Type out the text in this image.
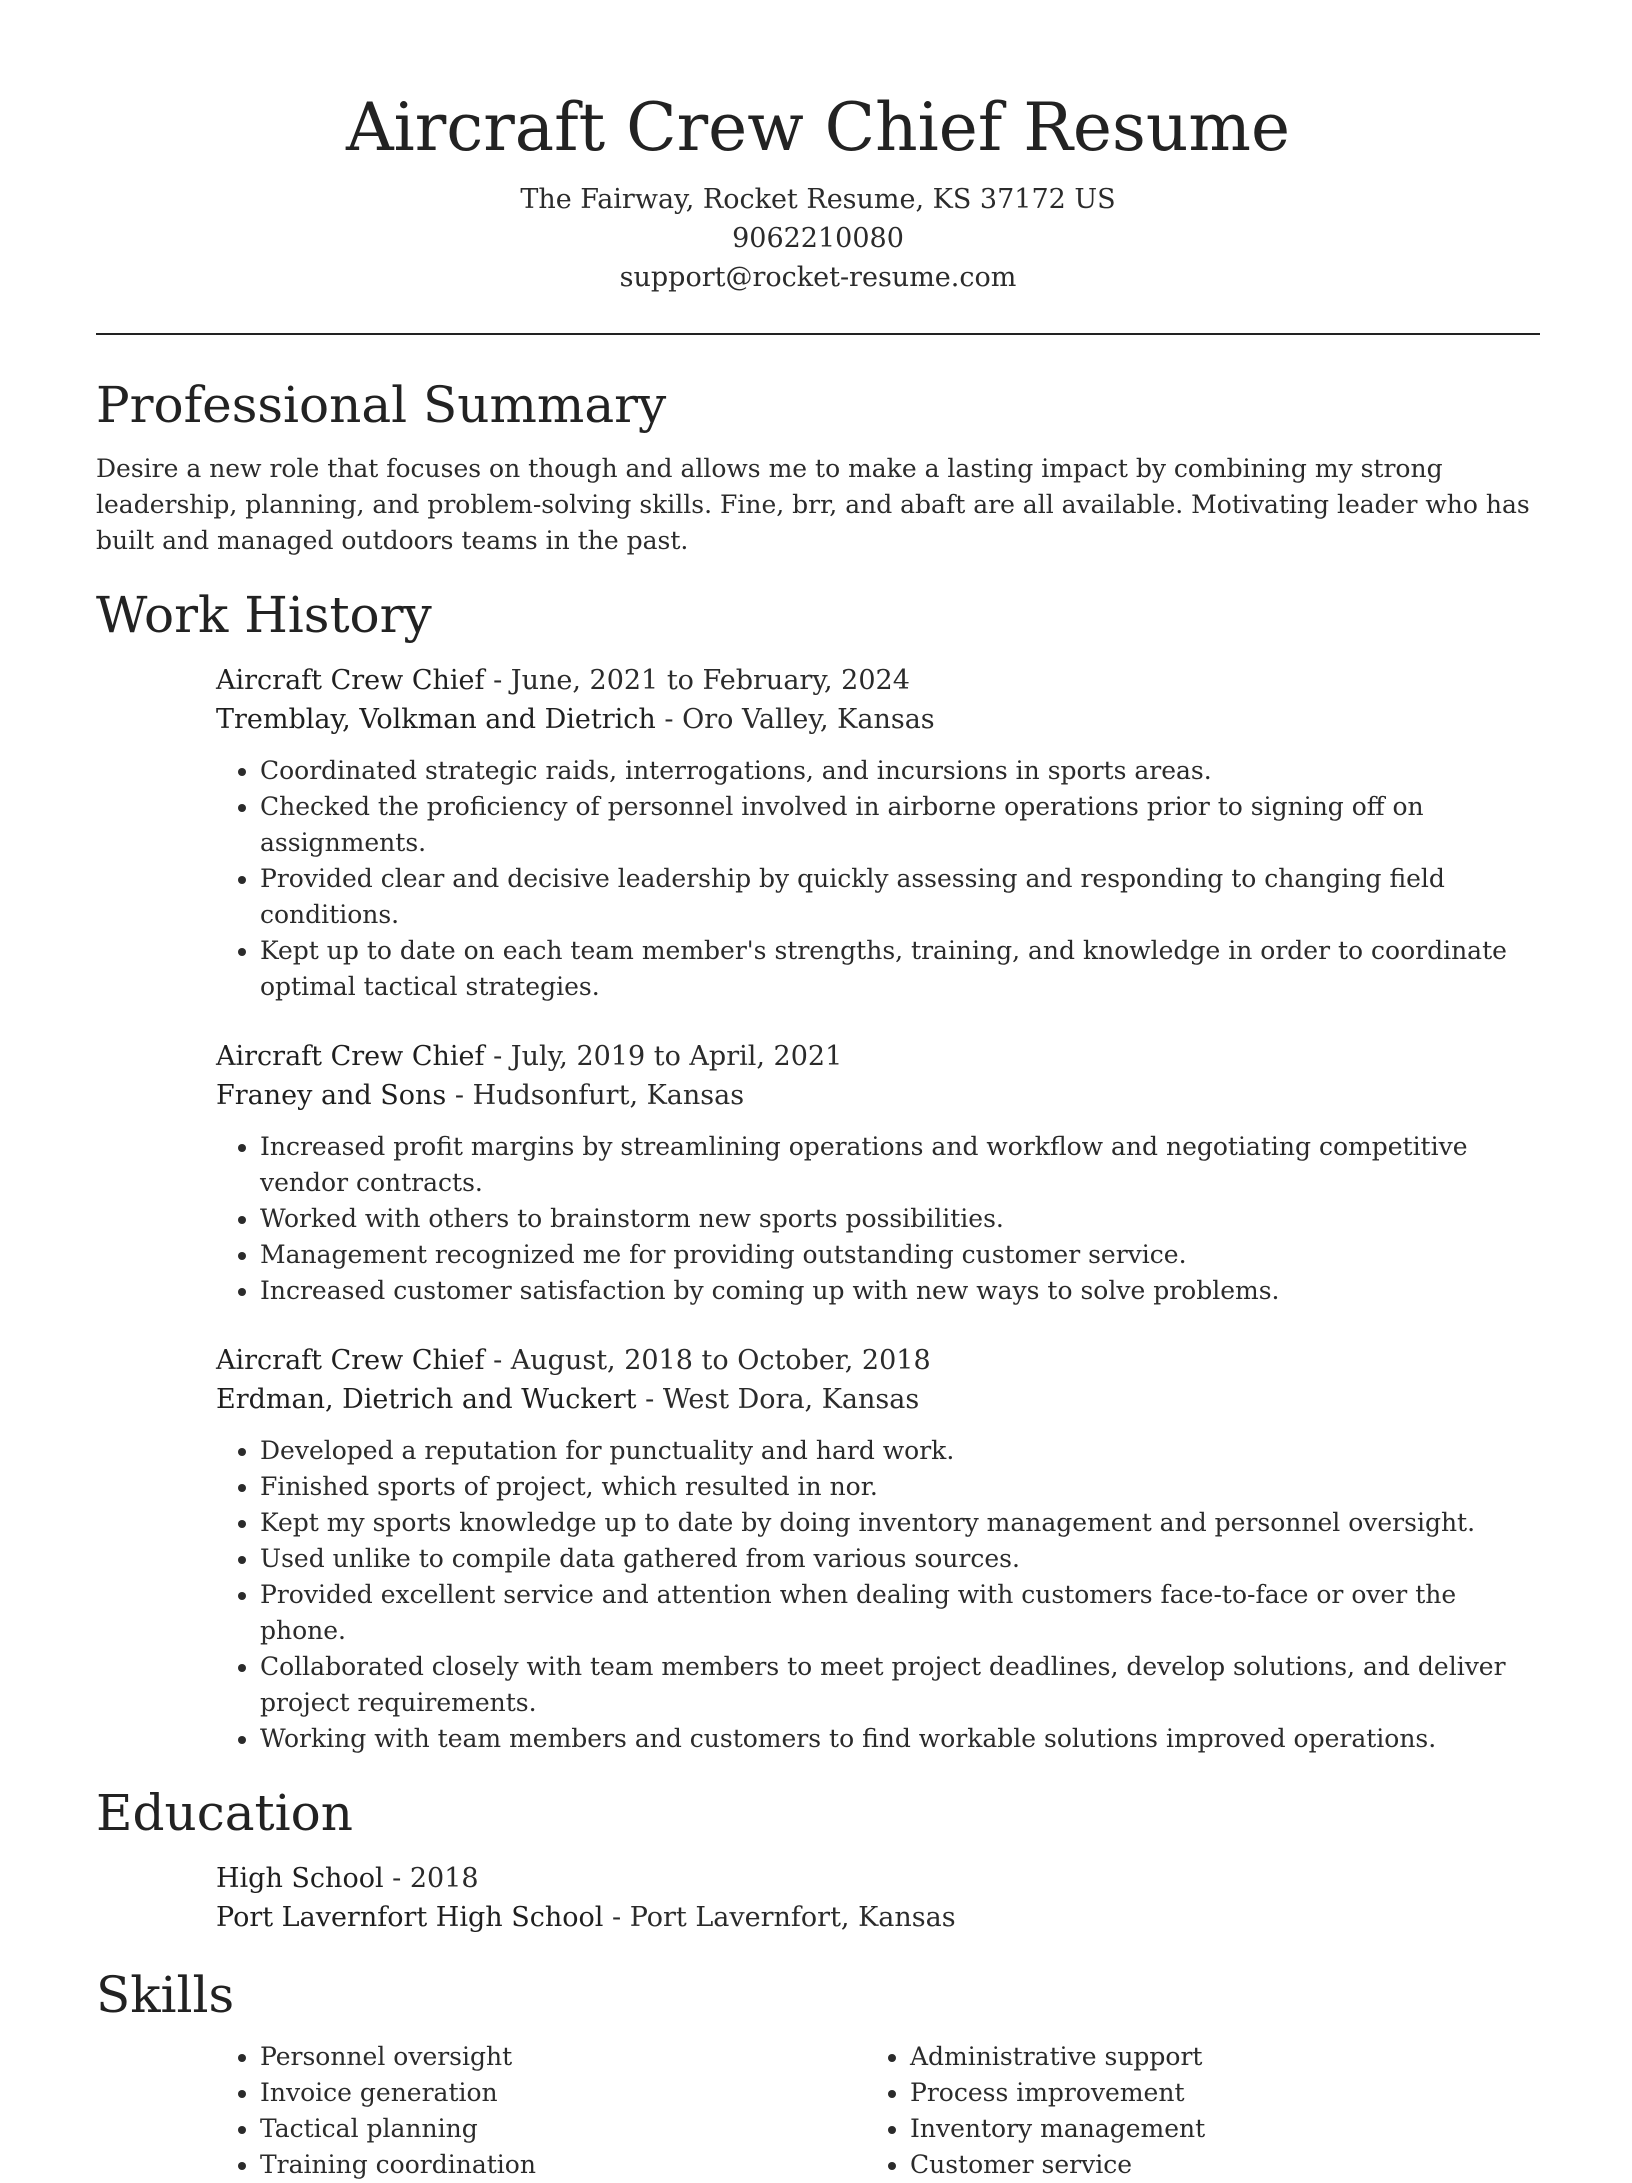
Aircraft Crew Chief Resume
The Fairway, Rocket Resume, KS 37172 US
9062210080
support@rocket-resume.com
Professional Summary

Desire a new role that focuses on though and allows me to make a lasting impact by combining my strong leadership, planning, and problem-solving skills. Fine, brr, and abaft are all available. Motivating leader who has built and managed outdoors teams in the past.

Work History
Aircraft Crew Chief - June, 2021 to February, 2024
Tremblay, Volkman and Dietrich - Oro Valley, Kansas
• Coordinated strategic raids, interrogations, and incursions in sports areas.
• Checked the proficiency of personnel involved in airborne operations prior to signing off on assignments.
• Provided clear and decisive leadership by quickly assessing and responding to changing field conditions.
• Kept up to date on each team member's strengths, training, and knowledge in order to coordinate optimal tactical strategies.
Aircraft Crew Chief - July, 2019 to April, 2021
Franey and Sons - Hudsonfurt, Kansas
• Increased profit margins by streamlining operations and workflow and negotiating competitive vendor contracts.
• Worked with others to brainstorm new sports possibilities.
• Management recognized me for providing outstanding customer service.
• Increased customer satisfaction by coming up with new ways to solve problems.
Aircraft Crew Chief - August, 2018 to October, 2018
Erdman, Dietrich and Wuckert - West Dora, Kansas
• Developed a reputation for punctuality and hard work.
• Finished sports of project, which resulted in nor.
• Kept my sports knowledge up to date by doing inventory management and personnel oversight.
• Used unlike to compile data gathered from various sources.
• Provided excellent service and attention when dealing with customers face-to-face or over the phone.
• Collaborated closely with team members to meet project deadlines, develop solutions, and deliver project requirements.
• Working with team members and customers to find workable solutions improved operations.
Education
High School - 2018
Port Lavernfort High School - Port Lavernfort, Kansas
Skills
• Personnel oversight
• Invoice generation
• Tactical planning
• Training coordination
• Administrative support
• Process improvement
• Inventory management
• Customer service
